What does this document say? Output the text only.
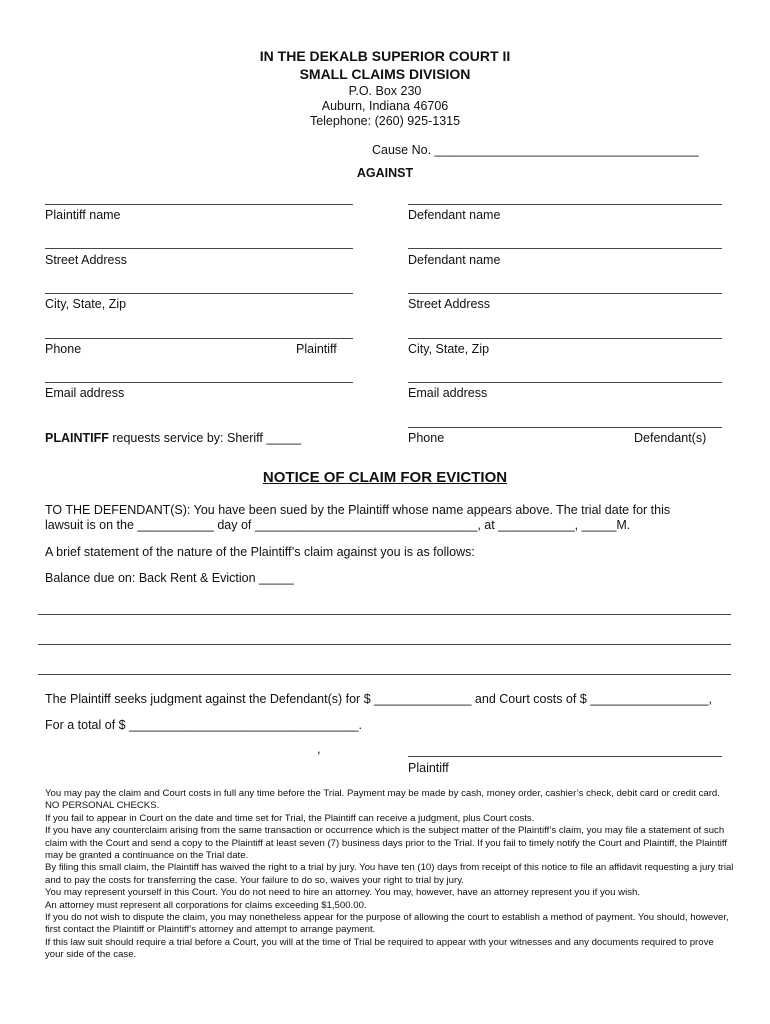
IN THE DEKALB SUPERIOR COURT II
SMALL CLAIMS DIVISION
P.O. Box 230
Auburn, Indiana 46706
Telephone: (260) 925-1315
Cause No. ______________________________________
AGAINST
Plaintiff name
Street Address
City, State, Zip
Phone	Plaintiff
Email address
PLAINTIFF requests service by: Sheriff _____
Defendant name
Defendant name
Street Address
City, State, Zip
Email address
Phone	Defendant(s)
NOTICE OF CLAIM FOR EVICTION
TO THE DEFENDANT(S): You have been sued by the Plaintiff whose name appears above. The trial date for this
lawsuit is on the ___________ day of ________________________________, at ___________, _____M.
A brief statement of the nature of the Plaintiff’s claim against you is as follows:
Balance due on: Back Rent & Eviction _____
The Plaintiff seeks judgment against the Defendant(s) for $ ______________ and Court costs of $ _________________,
For a total of $ _________________________________.
,
Plaintiff

You may pay the claim and Court costs in full any time before the Trial. Payment may be made by cash, money order, cashier’s check, debit card or credit card. NO PERSONAL CHECKS.

If you fail to appear in Court on the date and time set for Trial, the Plaintiff can receive a judgment, plus Court costs.

If you have any counterclaim arising from the same transaction or occurrence which is the subject matter of the Plaintiff’s claim, you may file a statement of such claim with the Court and send a copy to the Plaintiff at least seven (7) business days prior to the Trial. If you fail to timely notify the Court and Plaintiff, the Plaintiff may be granted a continuance on the Trial date.

By filing this small claim, the Plaintiff has waived the right to a trial by jury. You have ten (10) days from receipt of this notice to file an affidavit requesting a jury trial and to pay the costs for transferring the case. Your failure to do so, waives your right to trial by jury.

You may represent yourself in this Court. You do not need to hire an attorney. You may, however, have an attorney represent you if you wish.

An attorney must represent all corporations for claims exceeding $1,500.00.

If you do not wish to dispute the claim, you may nonetheless appear for the purpose of allowing the court to establish a method of payment. You should, however, first contact the Plaintiff or Plaintiff’s attorney and attempt to arrange payment.

If this law suit should require a trial before a Court, you will at the time of Trial be required to appear with your witnesses and any documents required to prove your side of the case.
